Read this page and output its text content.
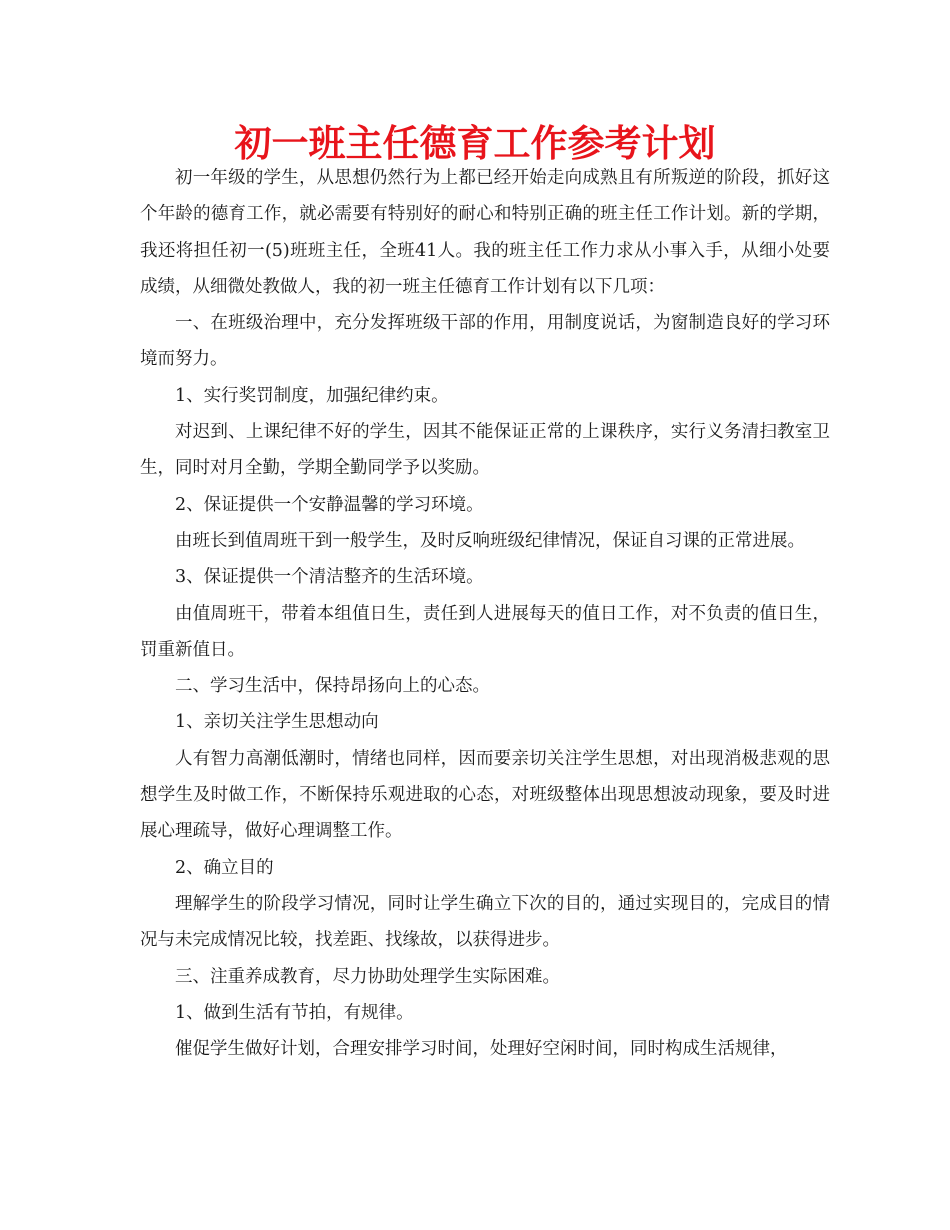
初一班主任德育工作参考计划

初一年级的学生，从思想仍然行为上都已经开始走向成熟且有所叛逆的阶段，抓好这个年龄的德育工作，就必需要有特别好的耐心和特别正确的班主任工作计划。新的学期，我还将担任初一(5)班班主任，全班41人。我的班主任工作力求从小事入手，从细小处要成绩，从细微处教做人，我的初一班主任德育工作计划有以下几项：

一、在班级治理中，充分发挥班级干部的作用，用制度说话，为窗制造良好的学习环境而努力。

1、实行奖罚制度，加强纪律约束。

对迟到、上课纪律不好的学生，因其不能保证正常的上课秩序，实行义务清扫教室卫生，同时对月全勤，学期全勤同学予以奖励。

2、保证提供一个安静温馨的学习环境。

由班长到值周班干到一般学生，及时反响班级纪律情况，保证自习课的正常进展。

3、保证提供一个清洁整齐的生活环境。

由值周班干，带着本组值日生，责任到人进展每天的值日工作，对不负责的值日生，罚重新值日。

二、学习生活中，保持昂扬向上的心态。

1、亲切关注学生思想动向

人有智力高潮低潮时，情绪也同样，因而要亲切关注学生思想，对出现消极悲观的思想学生及时做工作，不断保持乐观进取的心态，对班级整体出现思想波动现象，要及时进展心理疏导，做好心理调整工作。

2、确立目的

理解学生的阶段学习情况，同时让学生确立下次的目的，通过实现目的，完成目的情况与未完成情况比较，找差距、找缘故，以获得进步。

三、注重养成教育，尽力协助处理学生实际困难。

1、做到生活有节拍，有规律。

催促学生做好计划，合理安排学习时间，处理好空闲时间，同时构成生活规律，
